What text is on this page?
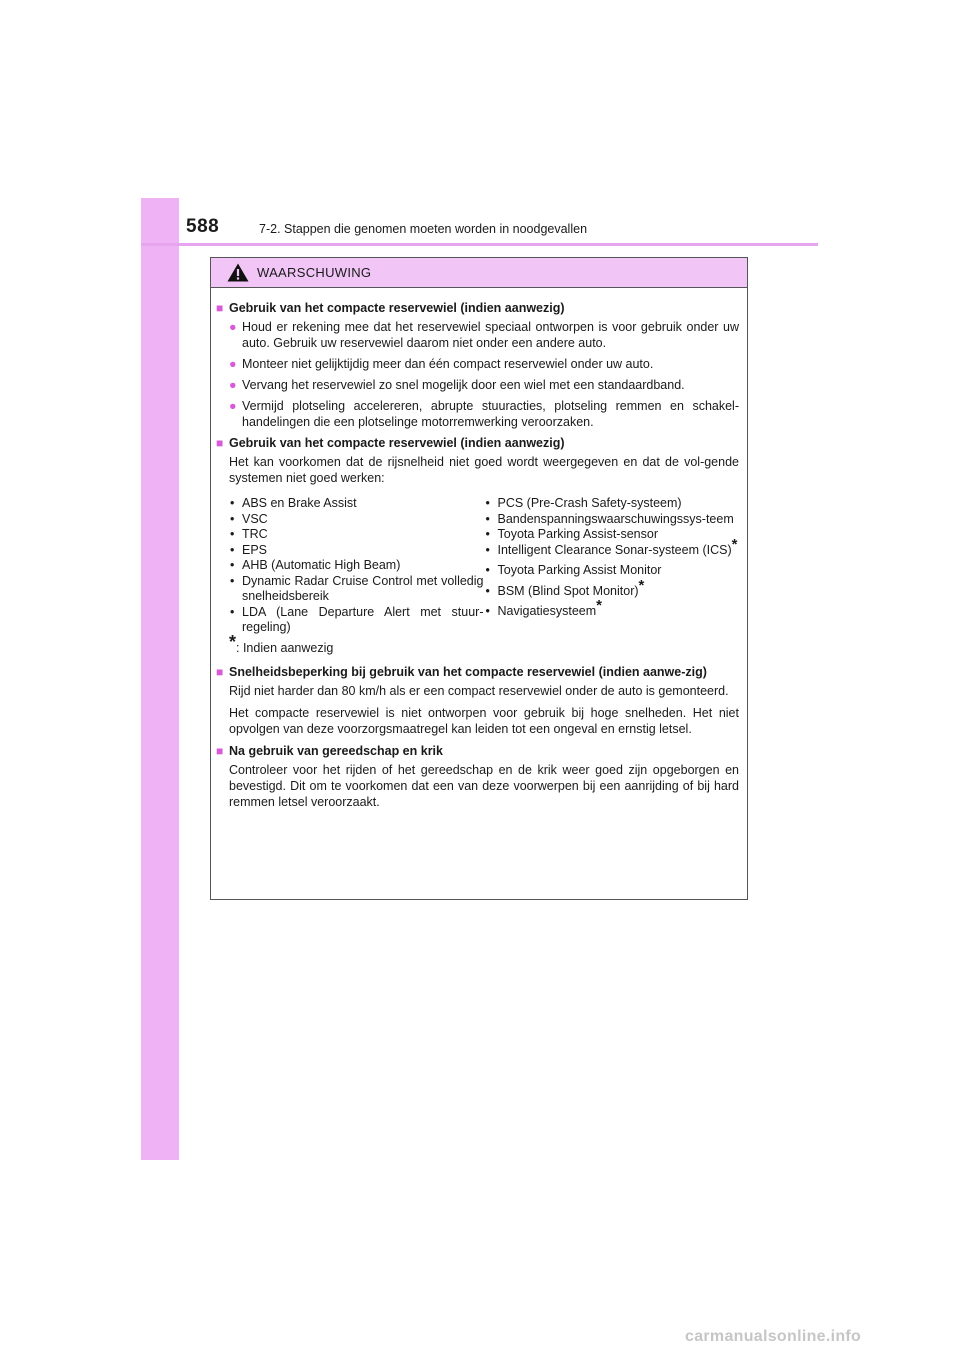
588	7-2. Stappen die genomen moeten worden in noodgevallen
WAARSCHUWING
■ Gebruik van het compacte reservewiel (indien aanwezig)
● Houd er rekening mee dat het reservewiel speciaal ontworpen is voor gebruik onder uw auto. Gebruik uw reservewiel daarom niet onder een andere auto.
● Monteer niet gelijktijdig meer dan één compact reservewiel onder uw auto.
● Vervang het reservewiel zo snel mogelijk door een wiel met een standaardband.
● Vermijd plotseling accelereren, abrupte stuuracties, plotseling remmen en schakel-handelingen die een plotselinge motorremwerking veroorzaken.
■ Gebruik van het compacte reservewiel (indien aanwezig)
Het kan voorkomen dat de rijsnelheid niet goed wordt weergegeven en dat de vol-gende systemen niet goed werken:
• ABS en Brake Assist
• VSC
• TRC
• EPS
• AHB (Automatic High Beam)
• Dynamic Radar Cruise Control met volledig snelheidsbereik
• LDA (Lane Departure Alert met stuur-regeling)
• PCS (Pre-Crash Safety-systeem)
• Bandenspanningswaarschuwingssys-teem
• Toyota Parking Assist-sensor
• Intelligent Clearance Sonar-systeem (ICS)*
• Toyota Parking Assist Monitor
• BSM (Blind Spot Monitor)*
• Navigatiesysteem*
*: Indien aanwezig
■ Snelheidsbeperking bij gebruik van het compacte reservewiel (indien aanwe-zig)
Rijd niet harder dan 80 km/h als er een compact reservewiel onder de auto is gemonteerd.
Het compacte reservewiel is niet ontworpen voor gebruik bij hoge snelheden. Het niet opvolgen van deze voorzorgsmaatregel kan leiden tot een ongeval en ernstig letsel.
■ Na gebruik van gereedschap en krik
Controleer voor het rijden of het gereedschap en de krik weer goed zijn opgeborgen en bevestigd. Dit om te voorkomen dat een van deze voorwerpen bij een aanrijding of bij hard remmen letsel veroorzaakt.
carmanualsonline.info
